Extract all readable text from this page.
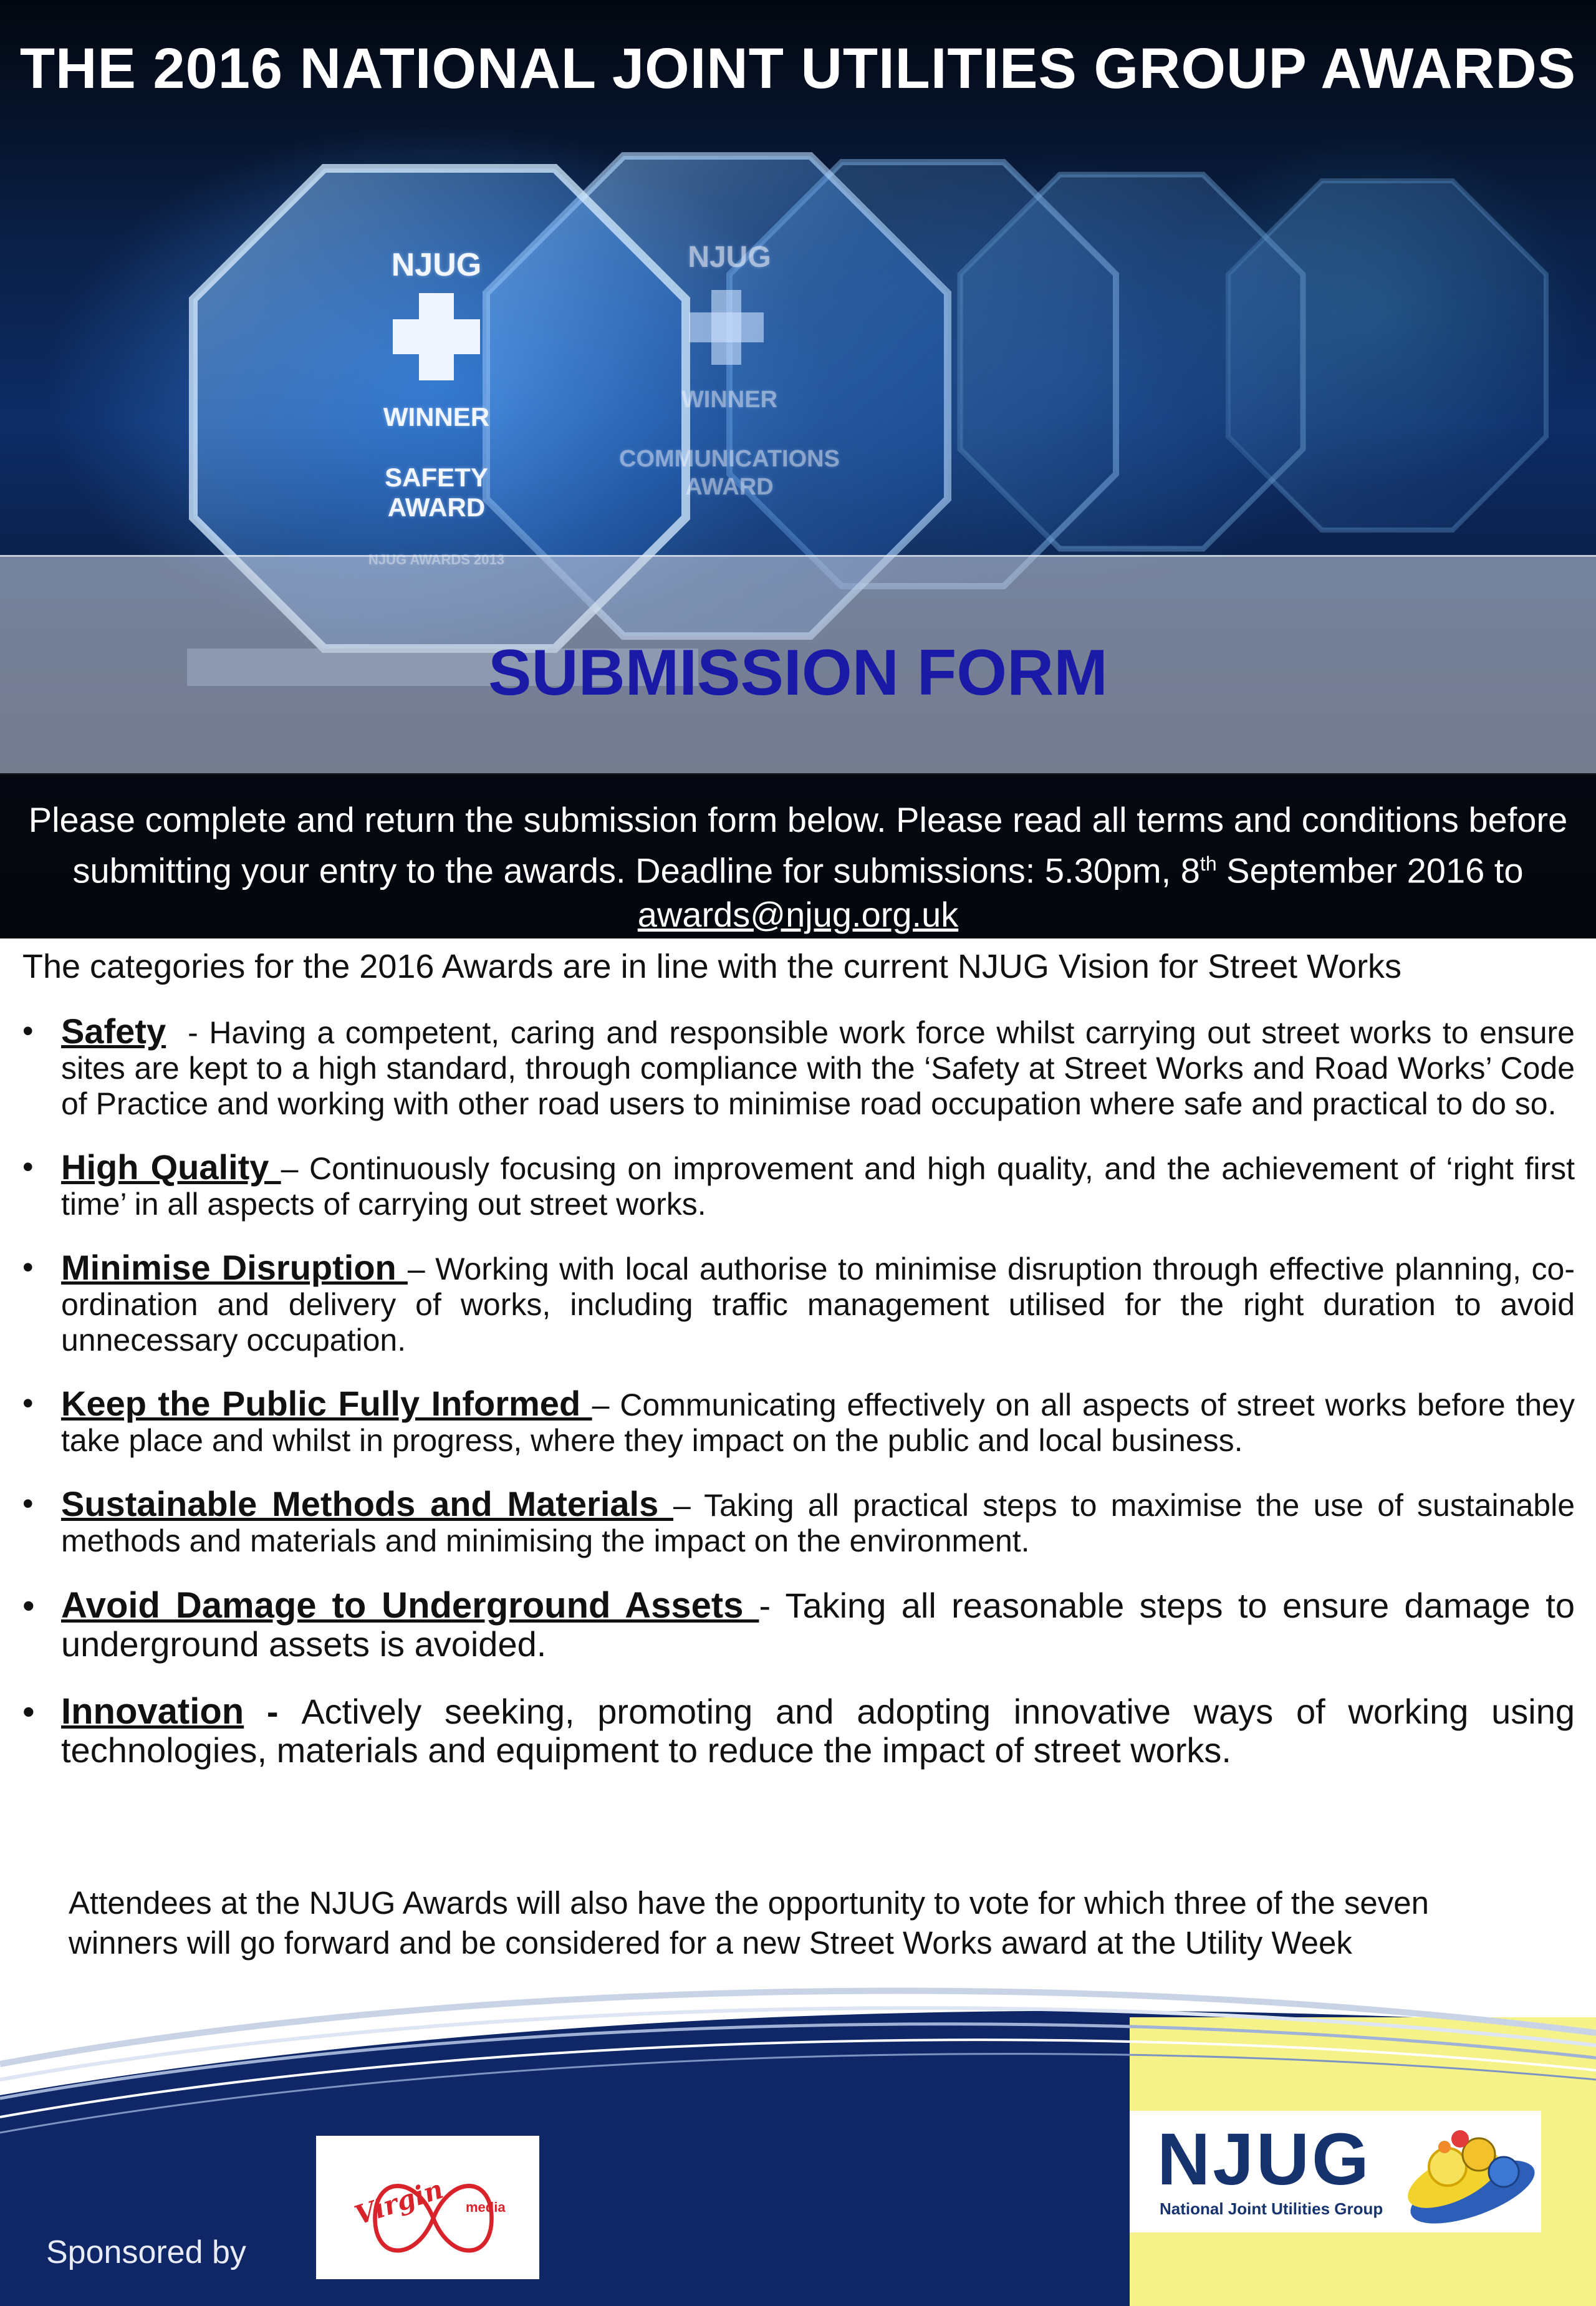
THE 2016 NATIONAL JOINT UTILITIES GROUP AWARDS
NJUG
WINNER
SAFETY
AWARD
NJUG
WINNER
COMMUNICATIONS
AWARD
SUBMISSION FORM
Please complete and return the submission form below. Please read all terms and conditions before submitting your entry to the awards. Deadline for submissions: 5.30pm, 8th September 2016 to awards@njug.org.uk
The categories for the 2016 Awards are in line with the current NJUG Vision for Street Works
• Safety  - Having a competent, caring and responsible work force whilst carrying out street works to ensure sites are kept to a high standard, through compliance with the ‘Safety at Street Works and Road Works’ Code of Practice and working with other road users to minimise road occupation where safe and practical to do so.
• High Quality – Continuously focusing on improvement and high quality, and the achievement of ‘right first time’ in all aspects of carrying out street works.
• Minimise Disruption – Working with local authorise to minimise disruption through effective planning, co-ordination and delivery of works, including traffic management utilised for the right duration to avoid unnecessary occupation.
• Keep the Public Fully Informed – Communicating effectively on all aspects of street works before they take place and whilst in progress, where they impact on the public and local business.
• Sustainable Methods and Materials – Taking all practical steps to maximise the use of sustainable methods and materials and minimising the impact on the environment.
• Avoid Damage to Underground Assets - Taking all reasonable steps to ensure damage to underground assets is avoided.
• Innovation - Actively seeking, promoting and adopting innovative ways of working using technologies, materials and equipment to reduce the impact of street works.
Attendees at the NJUG Awards will also have the opportunity to vote for which three of the seven winners will go forward and be considered for a new Street Works award at the Utility Week
Sponsored by
Virgin media
NJUG
National Joint Utilities Group
